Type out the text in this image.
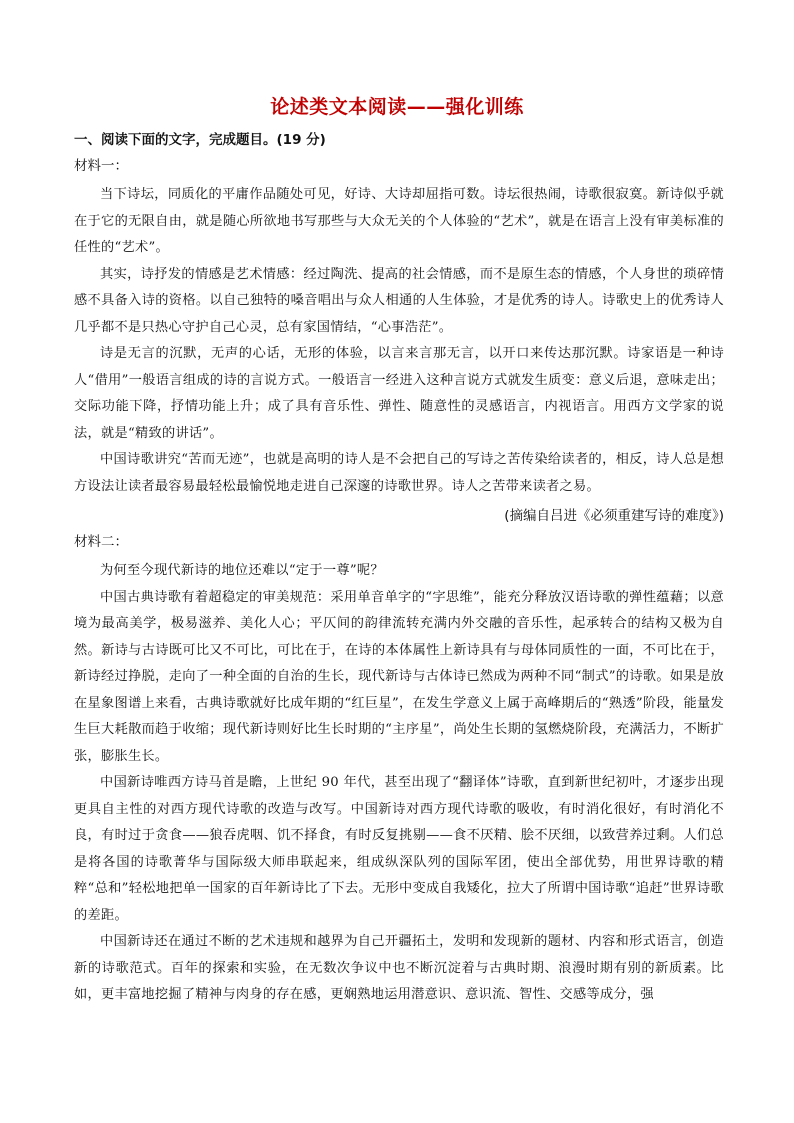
论述类文本阅读——强化训练
一、阅读下面的文字，完成题目。(19 分)
材料一：

当下诗坛，同质化的平庸作品随处可见，好诗、大诗却屈指可数。诗坛很热闹，诗歌很寂寞。新诗似乎就在于它的无限自由，就是随心所欲地书写那些与大众无关的个人体验的“艺术”，就是在语言上没有审美标准的任性的“艺术”。

其实，诗抒发的情感是艺术情感：经过陶洗、提高的社会情感，而不是原生态的情感，个人身世的琐碎情感不具备入诗的资格。以自己独特的嗓音唱出与众人相通的人生体验，才是优秀的诗人。诗歌史上的优秀诗人几乎都不是只热心守护自己心灵，总有家国情结，“心事浩茫”。

诗是无言的沉默，无声的心话，无形的体验，以言来言那无言，以开口来传达那沉默。诗家语是一种诗人“借用”一般语言组成的诗的言说方式。一般语言一经进入这种言说方式就发生质变：意义后退，意味走出；交际功能下降，抒情功能上升；成了具有音乐性、弹性、随意性的灵感语言，内视语言。用西方文学家的说法，就是“精致的讲话”。

中国诗歌讲究“苦而无迹”，也就是高明的诗人是不会把自己的写诗之苦传染给读者的，相反，诗人总是想方设法让读者最容易最轻松最愉悦地走进自己深邃的诗歌世界。诗人之苦带来读者之易。

(摘编自吕进《必须重建写诗的难度》)
材料二：

为何至今现代新诗的地位还难以“定于一尊”呢？

中国古典诗歌有着超稳定的审美规范：采用单音单字的“字思维”，能充分释放汉语诗歌的弹性蕴藉；以意境为最高美学，极易滋养、美化人心；平仄间的韵律流转充满内外交融的音乐性，起承转合的结构又极为自然。新诗与古诗既可比又不可比，可比在于，在诗的本体属性上新诗具有与母体同质性的一面，不可比在于，新诗经过挣脱，走向了一种全面的自治的生长，现代新诗与古体诗已然成为两种不同“制式”的诗歌。如果是放在星象图谱上来看，古典诗歌就好比成年期的“红巨星”，在发生学意义上属于高峰期后的“熟透”阶段，能量发生巨大耗散而趋于收缩；现代新诗则好比生长时期的“主序星”，尚处生长期的氢燃烧阶段，充满活力，不断扩张，膨胀生长。

中国新诗唯西方诗马首是瞻，上世纪 90 年代，甚至出现了“翻译体”诗歌，直到新世纪初叶，才逐步出现更具自主性的对西方现代诗歌的改造与改写。中国新诗对西方现代诗歌的吸收，有时消化很好，有时消化不良，有时过于贪食——狼吞虎咽、饥不择食，有时反复挑剔——食不厌精、脍不厌细，以致营养过剩。人们总是将各国的诗歌菁华与国际级大师串联起来，组成纵深队列的国际军团，使出全部优势，用世界诗歌的精粹“总和”轻松地把单一国家的百年新诗比了下去。无形中变成自我矮化，拉大了所谓中国诗歌“追赶”世界诗歌的差距。

中国新诗还在通过不断的艺术违规和越界为自己开疆拓土，发明和发现新的题材、内容和形式语言，创造新的诗歌范式。百年的探索和实验，在无数次争议中也不断沉淀着与古典时期、浪漫时期有别的新质素。比如，更丰富地挖掘了精神与肉身的存在感，更娴熟地运用潜意识、意识流、智性、交感等成分，强
